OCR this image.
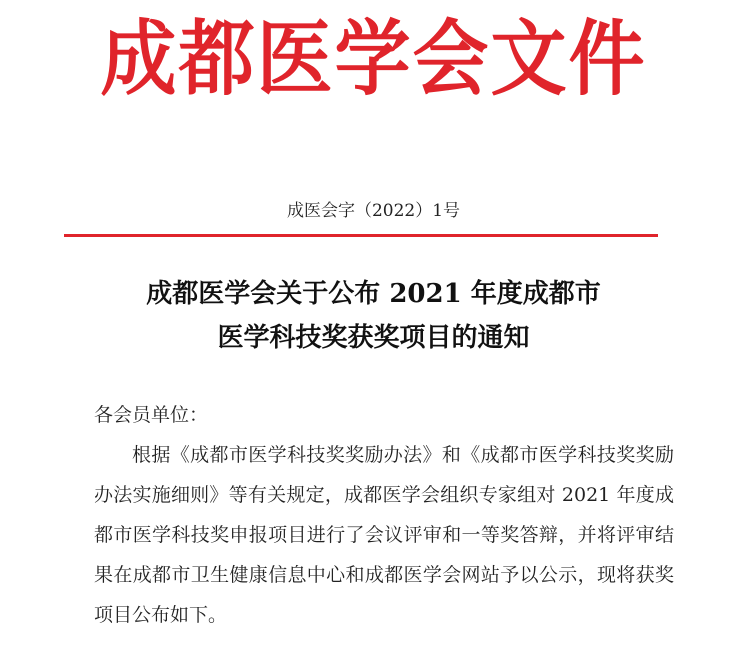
成都医学会文件
成医会字（2022）1号
成都医学会关于公布 2021 年度成都市
医学科技奖获奖项目的通知

各会员单位：

根据《成都市医学科技奖奖励办法》和《成都市医学科技奖奖励办法实施细则》等有关规定，成都医学会组织专家组对 2021 年度成都市医学科技奖申报项目进行了会议评审和一等奖答辩，并将评审结果在成都市卫生健康信息中心和成都医学会网站予以公示，现将获奖项目公布如下。
